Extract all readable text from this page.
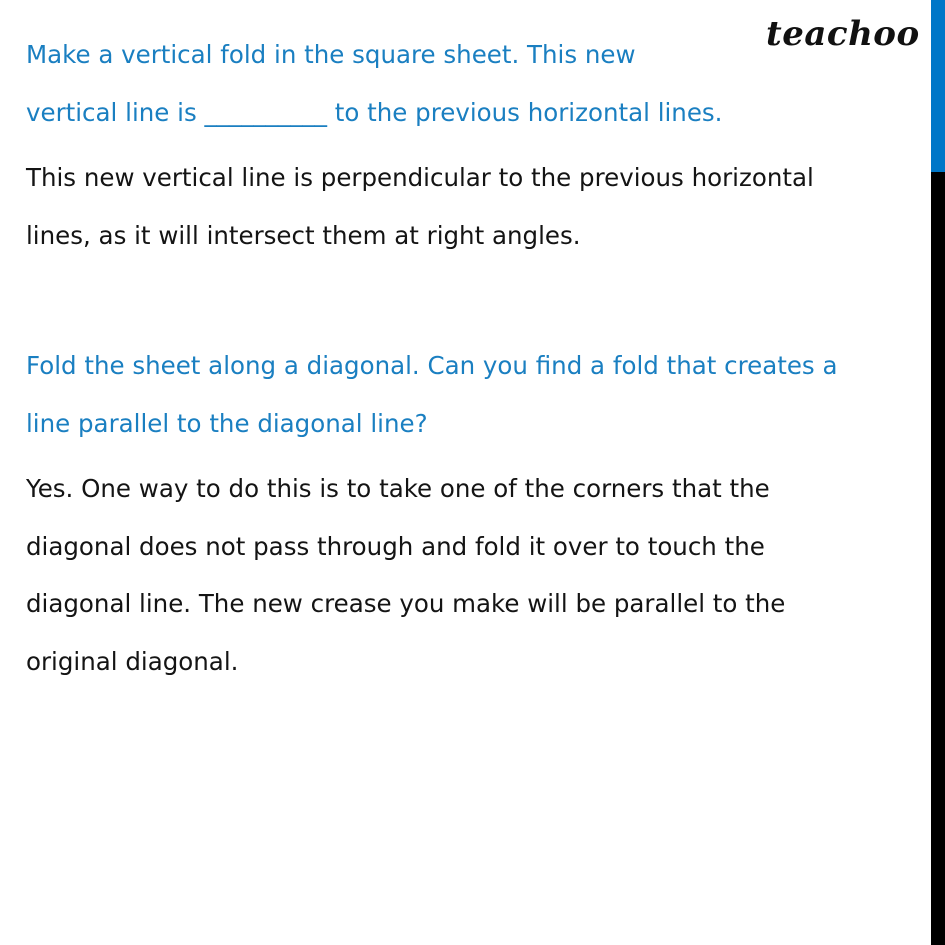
teachoo
Make a vertical fold in the square sheet. This new
vertical line is __________ to the previous horizontal lines.
This new vertical line is perpendicular to the previous horizontal
lines, as it will intersect them at right angles.
Fold the sheet along a diagonal. Can you find a fold that creates a
line parallel to the diagonal line?
Yes. One way to do this is to take one of the corners that the
diagonal does not pass through and fold it over to touch the
diagonal line. The new crease you make will be parallel to the
original diagonal.
